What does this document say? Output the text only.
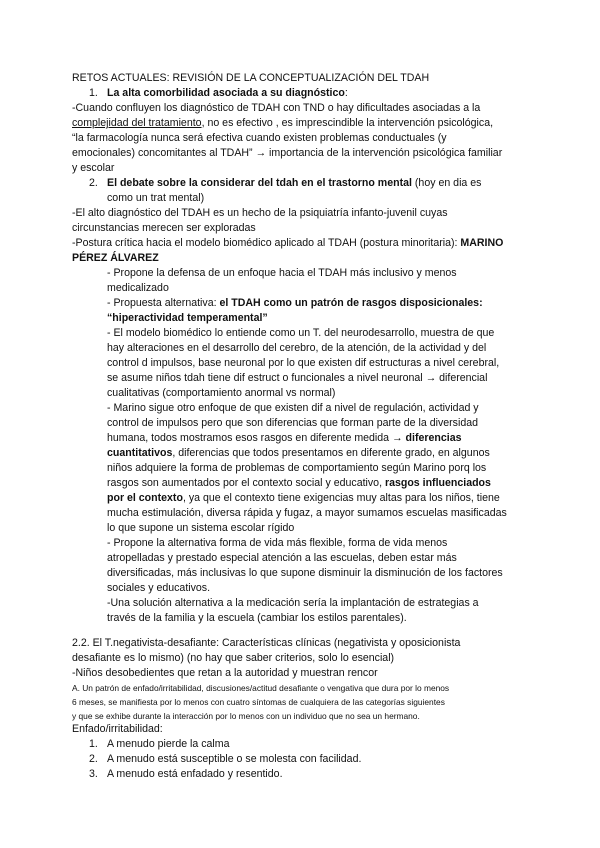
RETOS ACTUALES: REVISIÓN DE LA CONCEPTUALIZACIÓN DEL TDAH
1. La alta comorbilidad asociada a su diagnóstico:
-Cuando confluyen los diagnóstico de TDAH con TND o hay dificultades asociadas a la
complejidad del tratamiento, no es efectivo , es imprescindible la intervención psicológica,
“la farmacología nunca será efectiva cuando existen problemas conductuales (y
emocionales) concomitantes al TDAH” → importancia de la intervención psicológica familiar
y escolar
2. El debate sobre la considerar del tdah en el trastorno mental (hoy en dia es
como un trat mental)
-El alto diagnóstico del TDAH es un hecho de la psiquiatría infanto-juvenil cuyas
circunstancias merecen ser exploradas
-Postura crítica hacia el modelo biomédico aplicado al TDAH (postura minoritaria): MARINO
PÉREZ ÁLVAREZ
- Propone la defensa de un enfoque hacia el TDAH más inclusivo y menos
medicalizado
- Propuesta alternativa: el TDAH como un patrón de rasgos disposicionales:
“hiperactividad temperamental”
- El modelo biomédico lo entiende como un T. del neurodesarrollo, muestra de que
hay alteraciones en el desarrollo del cerebro, de la atención, de la actividad y del
control d impulsos, base neuronal por lo que existen dif estructuras a nivel cerebral,
se asume niños tdah tiene dif estruct o funcionales a nivel neuronal → diferencial
cualitativas (comportamiento anormal vs normal)
- Marino sigue otro enfoque de que existen dif a nivel de regulación, actividad y
control de impulsos pero que son diferencias que forman parte de la diversidad
humana, todos mostramos esos rasgos en diferente medida → diferencias
cuantitativos, diferencias que todos presentamos en diferente grado, en algunos
niños adquiere la forma de problemas de comportamiento según Marino porq los
rasgos son aumentados por el contexto social y educativo, rasgos influenciados
por el contexto, ya que el contexto tiene exigencias muy altas para los niños, tiene
mucha estimulación, diversa rápida y fugaz, a mayor sumamos escuelas masificadas
lo que supone un sistema escolar rígido
- Propone la alternativa forma de vida más flexible, forma de vida menos
atropelladas y prestado especial atención a las escuelas, deben estar más
diversificadas, más inclusivas lo que supone disminuir la disminución de los factores
sociales y educativos.
-Una solución alternativa a la medicación sería la implantación de estrategias a
través de la familia y la escuela (cambiar los estilos parentales).
2.2. El T.negativista-desafiante: Características clínicas (negativista y oposicionista
desafiante es lo mismo) (no hay que saber criterios, solo lo esencial)
-Niños desobedientes que retan a la autoridad y muestran rencor
A. Un patrón de enfado/irritabilidad, discusiones/actitud desafiante o vengativa que dura por lo menos
6 meses, se manifiesta por lo menos con cuatro síntomas de cualquiera de las categorías siguientes
y que se exhibe durante la interacción por lo menos con un individuo que no sea un hermano.
Enfado/irritabilidad:
1. A menudo pierde la calma
2. A menudo está susceptible o se molesta con facilidad.
3. A menudo está enfadado y resentido.
